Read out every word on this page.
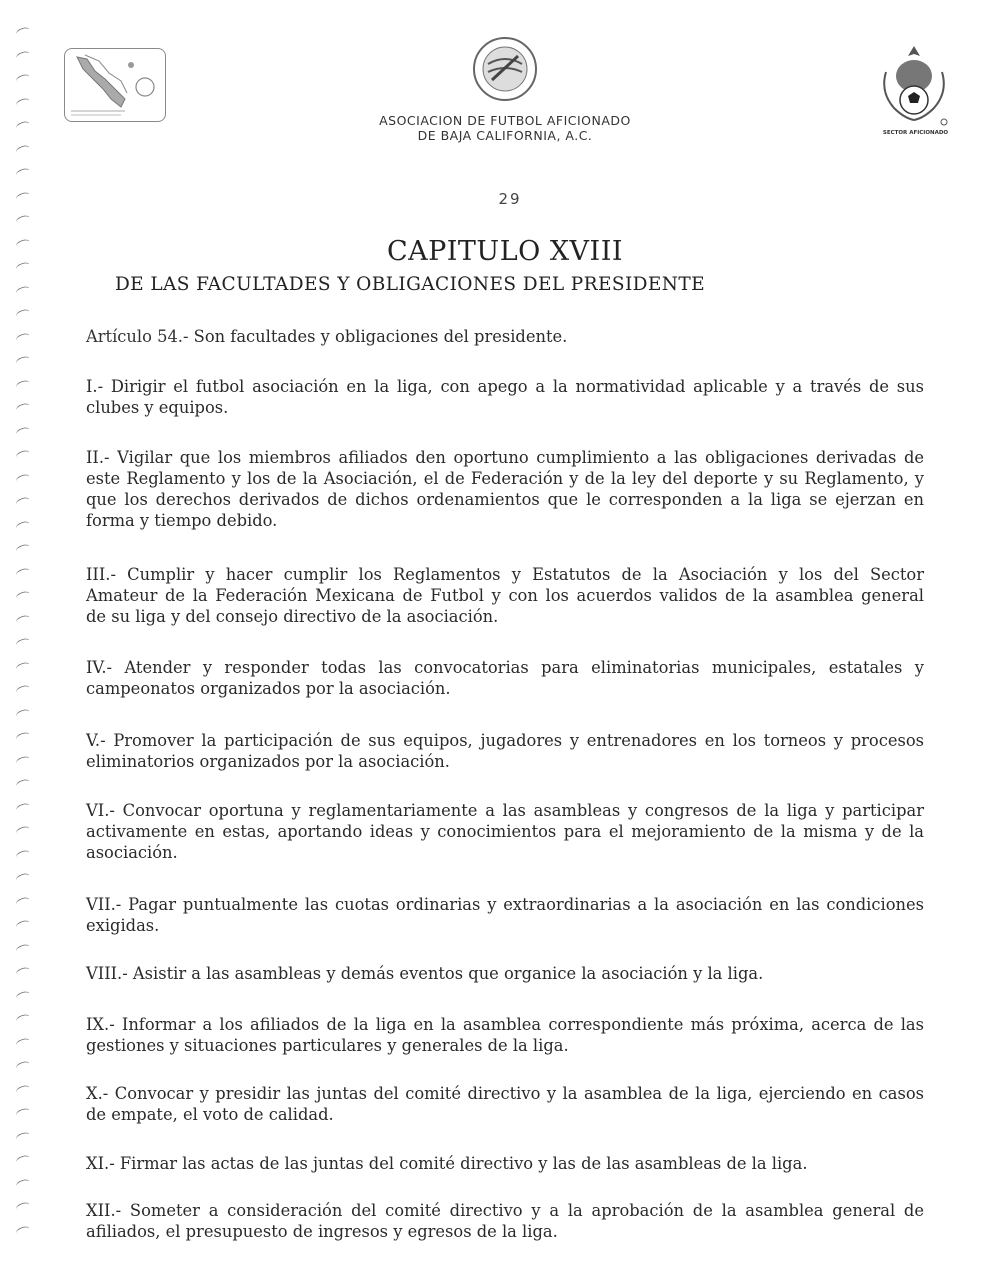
ASOCIACION DE FUTBOL AFICIONADO
DE BAJA CALIFORNIA, A.C.	SECTOR AFICIONADO
29
CAPITULO XVIII
DE LAS FACULTADES Y OBLIGACIONES DEL PRESIDENTE
Artículo 54.- Son facultades y obligaciones del presidente.
I.- Dirigir el futbol asociación en la liga, con apego a la normatividad aplicable y a través de sus
clubes y equipos.
II.- Vigilar que los miembros afiliados den oportuno cumplimiento a las obligaciones derivadas de
este Reglamento y los de la Asociación, el de Federación y de la ley del deporte y su Reglamento, y
que los derechos derivados de dichos ordenamientos que le corresponden a la liga se ejerzan en
forma y tiempo debido.
III.- Cumplir y hacer cumplir los Reglamentos y Estatutos de la Asociación y los del Sector
Amateur de la Federación Mexicana de Futbol y con los acuerdos validos de la asamblea general
de su liga y del consejo directivo de la asociación.
IV.- Atender y responder todas las convocatorias para eliminatorias municipales, estatales y
campeonatos organizados por la asociación.
V.- Promover la participación de sus equipos, jugadores y entrenadores en los torneos y procesos
eliminatorios organizados por la asociación.
VI.- Convocar oportuna y reglamentariamente a las asambleas y congresos de la liga y participar
activamente en estas, aportando ideas y conocimientos para el mejoramiento de la misma y de la
asociación.
VII.- Pagar puntualmente las cuotas ordinarias y extraordinarias a la asociación en las condiciones
exigidas.
VIII.- Asistir a las asambleas y demás eventos que organice la asociación y la liga.
IX.- Informar a los afiliados de la liga en la asamblea correspondiente más próxima, acerca de las
gestiones y situaciones particulares y generales de la liga.
X.- Convocar y presidir las juntas del comité directivo y la asamblea de la liga, ejerciendo en casos
de empate, el voto de calidad.
XI.- Firmar las actas de las juntas del comité directivo y las de las asambleas de la liga.
XII.- Someter a consideración del comité directivo y a la aprobación de la asamblea general de
afiliados, el presupuesto de ingresos y egresos de la liga.
